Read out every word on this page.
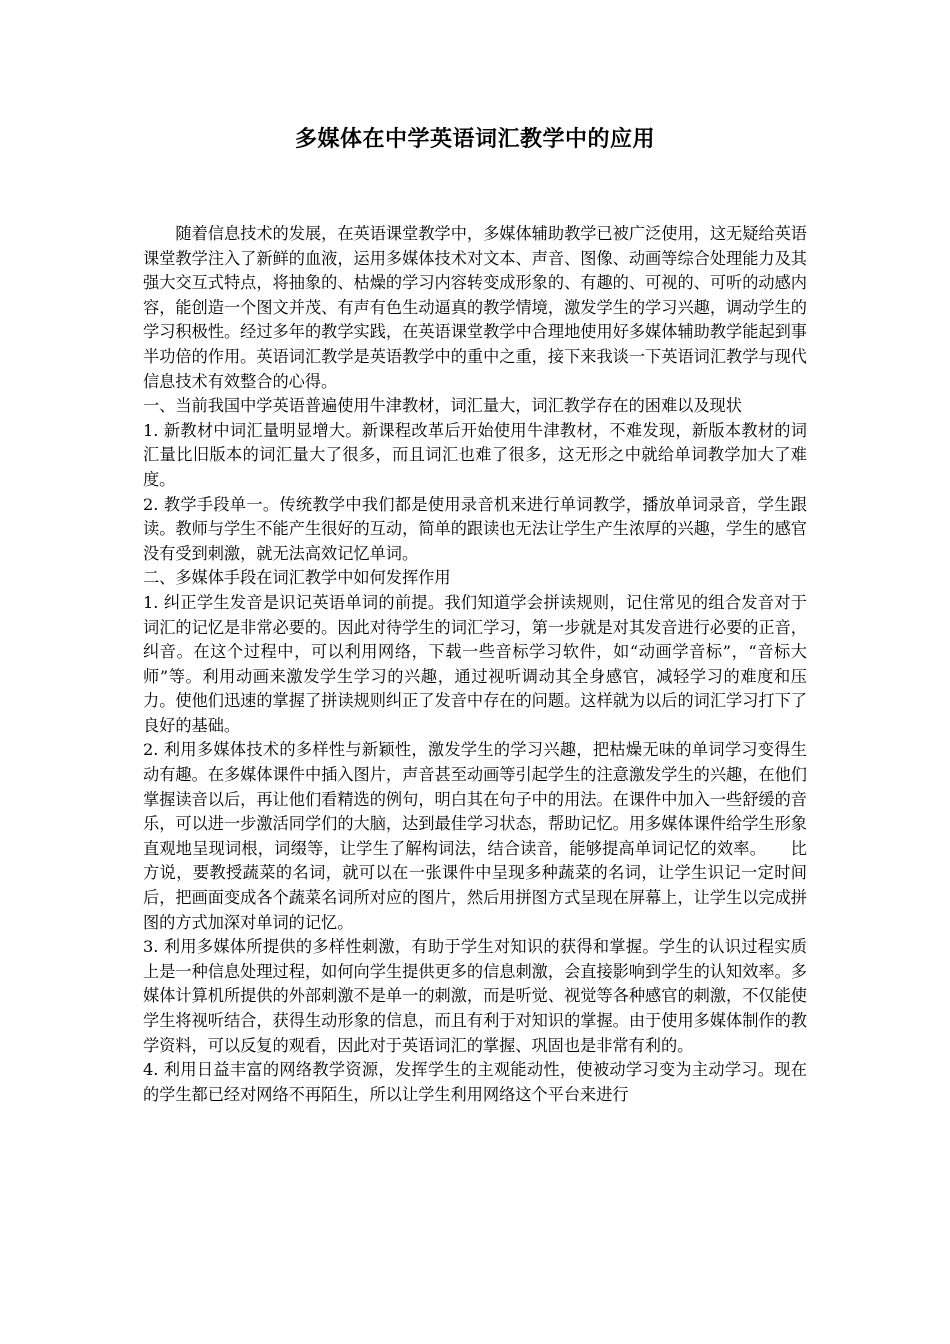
多媒体在中学英语词汇教学中的应用

随着信息技术的发展，在英语课堂教学中，多媒体辅助教学已被广泛使用，这无疑给英语课堂教学注入了新鲜的血液，运用多媒体技术对文本、声音、图像、动画等综合处理能力及其强大交互式特点，将抽象的、枯燥的学习内容转变成形象的、有趣的、可视的、可听的动感内容，能创造一个图文并茂、有声有色生动逼真的教学情境，激发学生的学习兴趣，调动学生的学习积极性。经过多年的教学实践，在英语课堂教学中合理地使用好多媒体辅助教学能起到事半功倍的作用。英语词汇教学是英语教学中的重中之重，接下来我谈一下英语词汇教学与现代信息技术有效整合的心得。

一、当前我国中学英语普遍使用牛津教材，词汇量大，词汇教学存在的困难以及现状

1. 新教材中词汇量明显增大。新课程改革后开始使用牛津教材，不难发现，新版本教材的词汇量比旧版本的词汇量大了很多，而且词汇也难了很多，这无形之中就给单词教学加大了难度。

2. 教学手段单一。传统教学中我们都是使用录音机来进行单词教学，播放单词录音，学生跟读。教师与学生不能产生很好的互动，简单的跟读也无法让学生产生浓厚的兴趣，学生的感官没有受到刺激，就无法高效记忆单词。

二、多媒体手段在词汇教学中如何发挥作用

1. 纠正学生发音是识记英语单词的前提。我们知道学会拼读规则，记住常见的组合发音对于词汇的记忆是非常必要的。因此对待学生的词汇学习，第一步就是对其发音进行必要的正音，纠音。在这个过程中，可以利用网络，下载一些音标学习软件，如“动画学音标”，“音标大师”等。利用动画来激发学生学习的兴趣，通过视听调动其全身感官，减轻学习的难度和压力。使他们迅速的掌握了拼读规则纠正了发音中存在的问题。这样就为以后的词汇学习打下了良好的基础。

2. 利用多媒体技术的多样性与新颖性，激发学生的学习兴趣，把枯燥无味的单词学习变得生动有趣。在多媒体课件中插入图片，声音甚至动画等引起学生的注意激发学生的兴趣，在他们掌握读音以后，再让他们看精选的例句，明白其在句子中的用法。在课件中加入一些舒缓的音乐，可以进一步激活同学们的大脑，达到最佳学习状态，帮助记忆。用多媒体课件给学生形象直观地呈现词根，词缀等，让学生了解构词法，结合读音，能够提高单词记忆的效率。　　比方说，要教授蔬菜的名词，就可以在一张课件中呈现多种蔬菜的名词，让学生识记一定时间后，把画面变成各个蔬菜名词所对应的图片，然后用拼图方式呈现在屏幕上，让学生以完成拼图的方式加深对单词的记忆。

3. 利用多媒体所提供的多样性刺激，有助于学生对知识的获得和掌握。学生的认识过程实质上是一种信息处理过程，如何向学生提供更多的信息刺激，会直接影响到学生的认知效率。多媒体计算机所提供的外部刺激不是单一的刺激，而是听觉、视觉等各种感官的刺激，不仅能使学生将视听结合，获得生动形象的信息，而且有利于对知识的掌握。由于使用多媒体制作的教学资料，可以反复的观看，因此对于英语词汇的掌握、巩固也是非常有利的。

4. 利用日益丰富的网络教学资源，发挥学生的主观能动性，使被动学习变为主动学习。现在的学生都已经对网络不再陌生，所以让学生利用网络这个平台来进行
